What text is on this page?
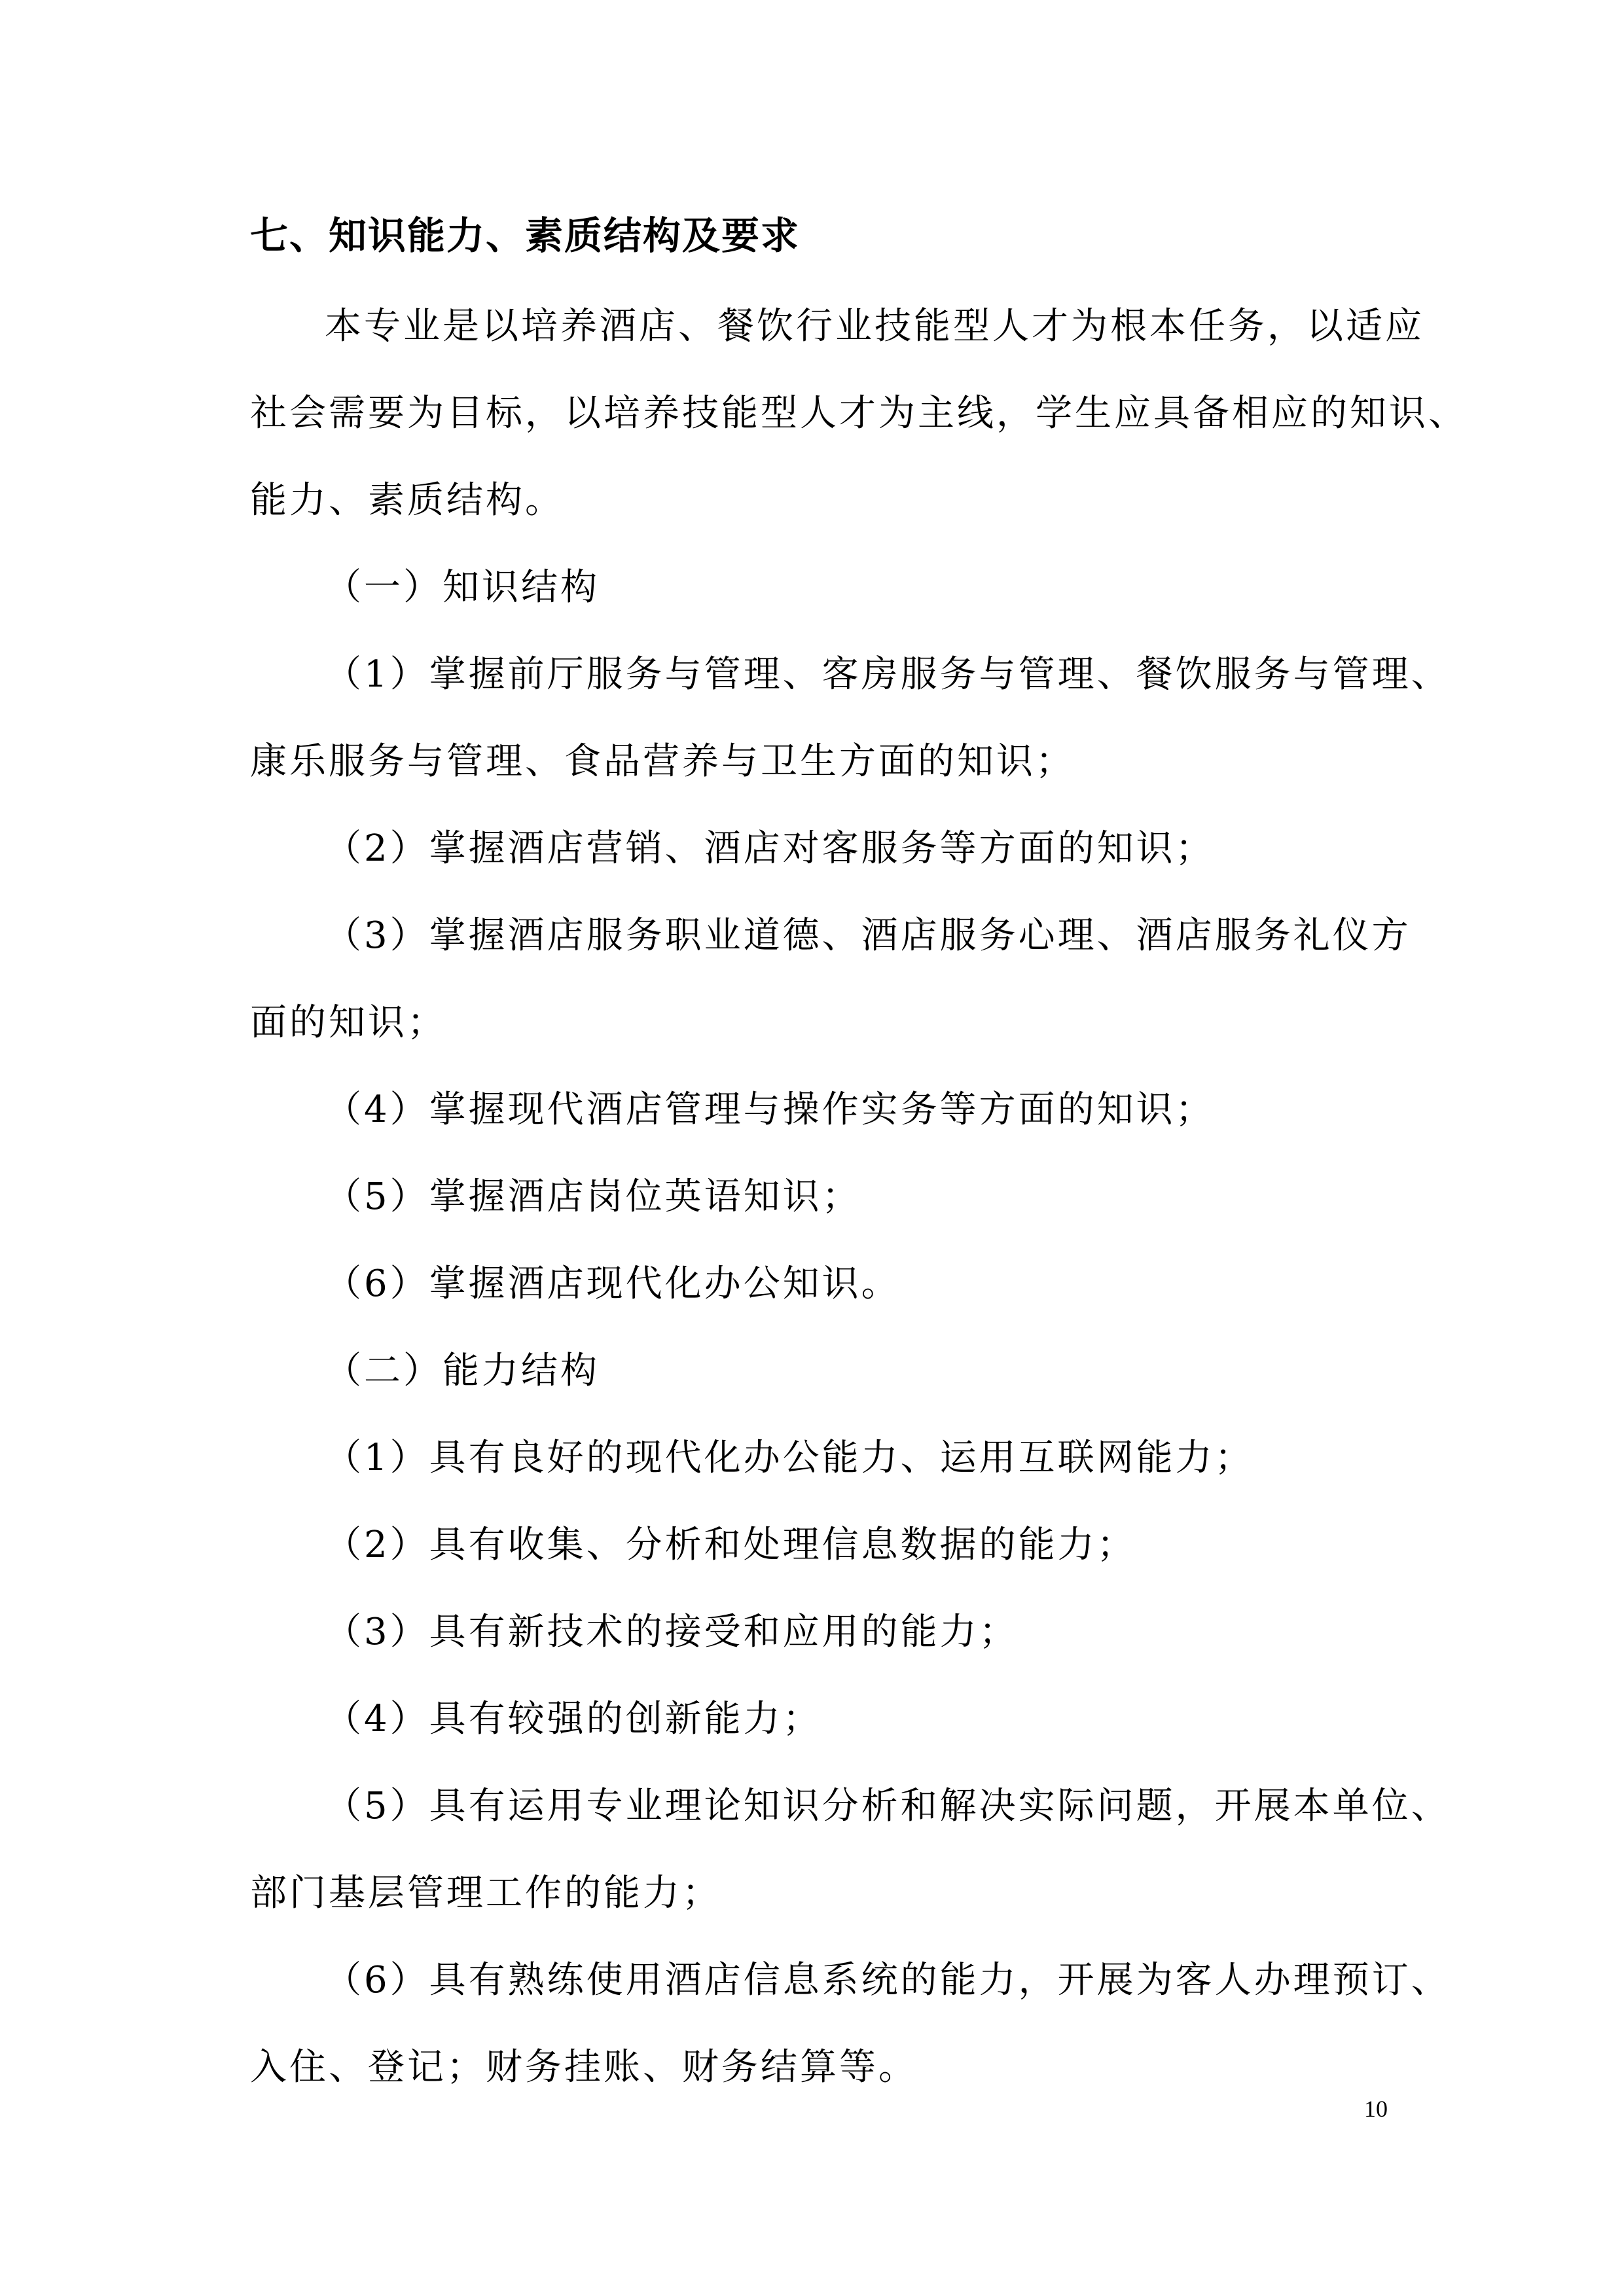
七、知识能力、素质结构及要求
本专业是以培养酒店、餐饮行业技能型人才为根本任务，以适应
社会需要为目标，以培养技能型人才为主线，学生应具备相应的知识、
能力、素质结构。
（一）知识结构
（1）掌握前厅服务与管理、客房服务与管理、餐饮服务与管理、
康乐服务与管理、食品营养与卫生方面的知识；
（2）掌握酒店营销、酒店对客服务等方面的知识；
（3）掌握酒店服务职业道德、酒店服务心理、酒店服务礼仪方
面的知识；
（4）掌握现代酒店管理与操作实务等方面的知识；
（5）掌握酒店岗位英语知识；
（6）掌握酒店现代化办公知识。
（二）能力结构
（1）具有良好的现代化办公能力、运用互联网能力；
（2）具有收集、分析和处理信息数据的能力；
（3）具有新技术的接受和应用的能力；
（4）具有较强的创新能力；
（5）具有运用专业理论知识分析和解决实际问题，开展本单位、
部门基层管理工作的能力；
（6）具有熟练使用酒店信息系统的能力，开展为客人办理预订、
入住、登记；财务挂账、财务结算等。
10
